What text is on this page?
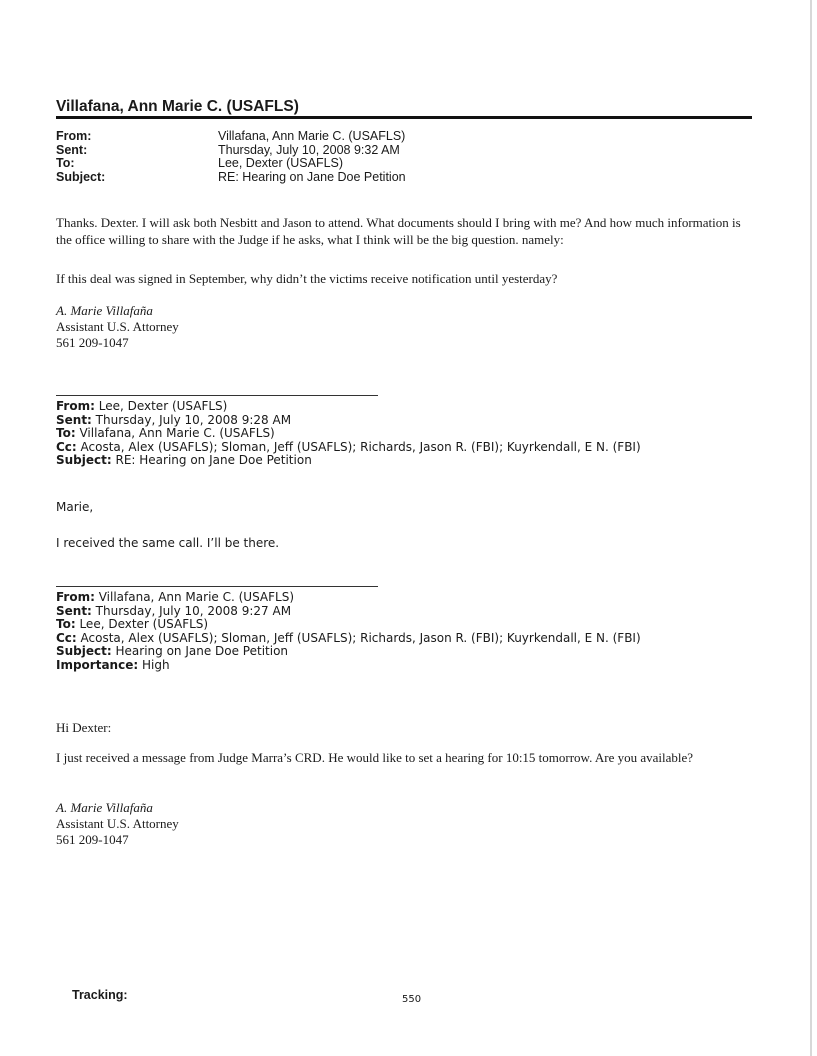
Villafana, Ann Marie C. (USAFLS)
From:	Villafana, Ann Marie C. (USAFLS)
Sent:	Thursday, July 10, 2008 9:32 AM
To:	Lee, Dexter (USAFLS)
Subject:	RE: Hearing on Jane Doe Petition
Thanks. Dexter. I will ask both Nesbitt and Jason to attend. What documents should I bring with me? And how much information is the office willing to share with the Judge if he asks, what I think will be the big question. namely:
If this deal was signed in September, why didn’t the victims receive notification until yesterday?
A. Marie Villafaña
Assistant U.S. Attorney
561 209-1047
From: Lee, Dexter (USAFLS)
Sent: Thursday, July 10, 2008 9:28 AM
To: Villafana, Ann Marie C. (USAFLS)
Cc: Acosta, Alex (USAFLS); Sloman, Jeff (USAFLS); Richards, Jason R. (FBI); Kuyrkendall, E N. (FBI)
Subject: RE: Hearing on Jane Doe Petition
Marie,
I received the same call. I’ll be there.
From: Villafana, Ann Marie C. (USAFLS)
Sent: Thursday, July 10, 2008 9:27 AM
To: Lee, Dexter (USAFLS)
Cc: Acosta, Alex (USAFLS); Sloman, Jeff (USAFLS); Richards, Jason R. (FBI); Kuyrkendall, E N. (FBI)
Subject: Hearing on Jane Doe Petition
Importance: High
Hi Dexter:
I just received a message from Judge Marra’s CRD. He would like to set a hearing for 10:15 tomorrow. Are you available?
A. Marie Villafaña
Assistant U.S. Attorney
561 209-1047
Tracking:	550
